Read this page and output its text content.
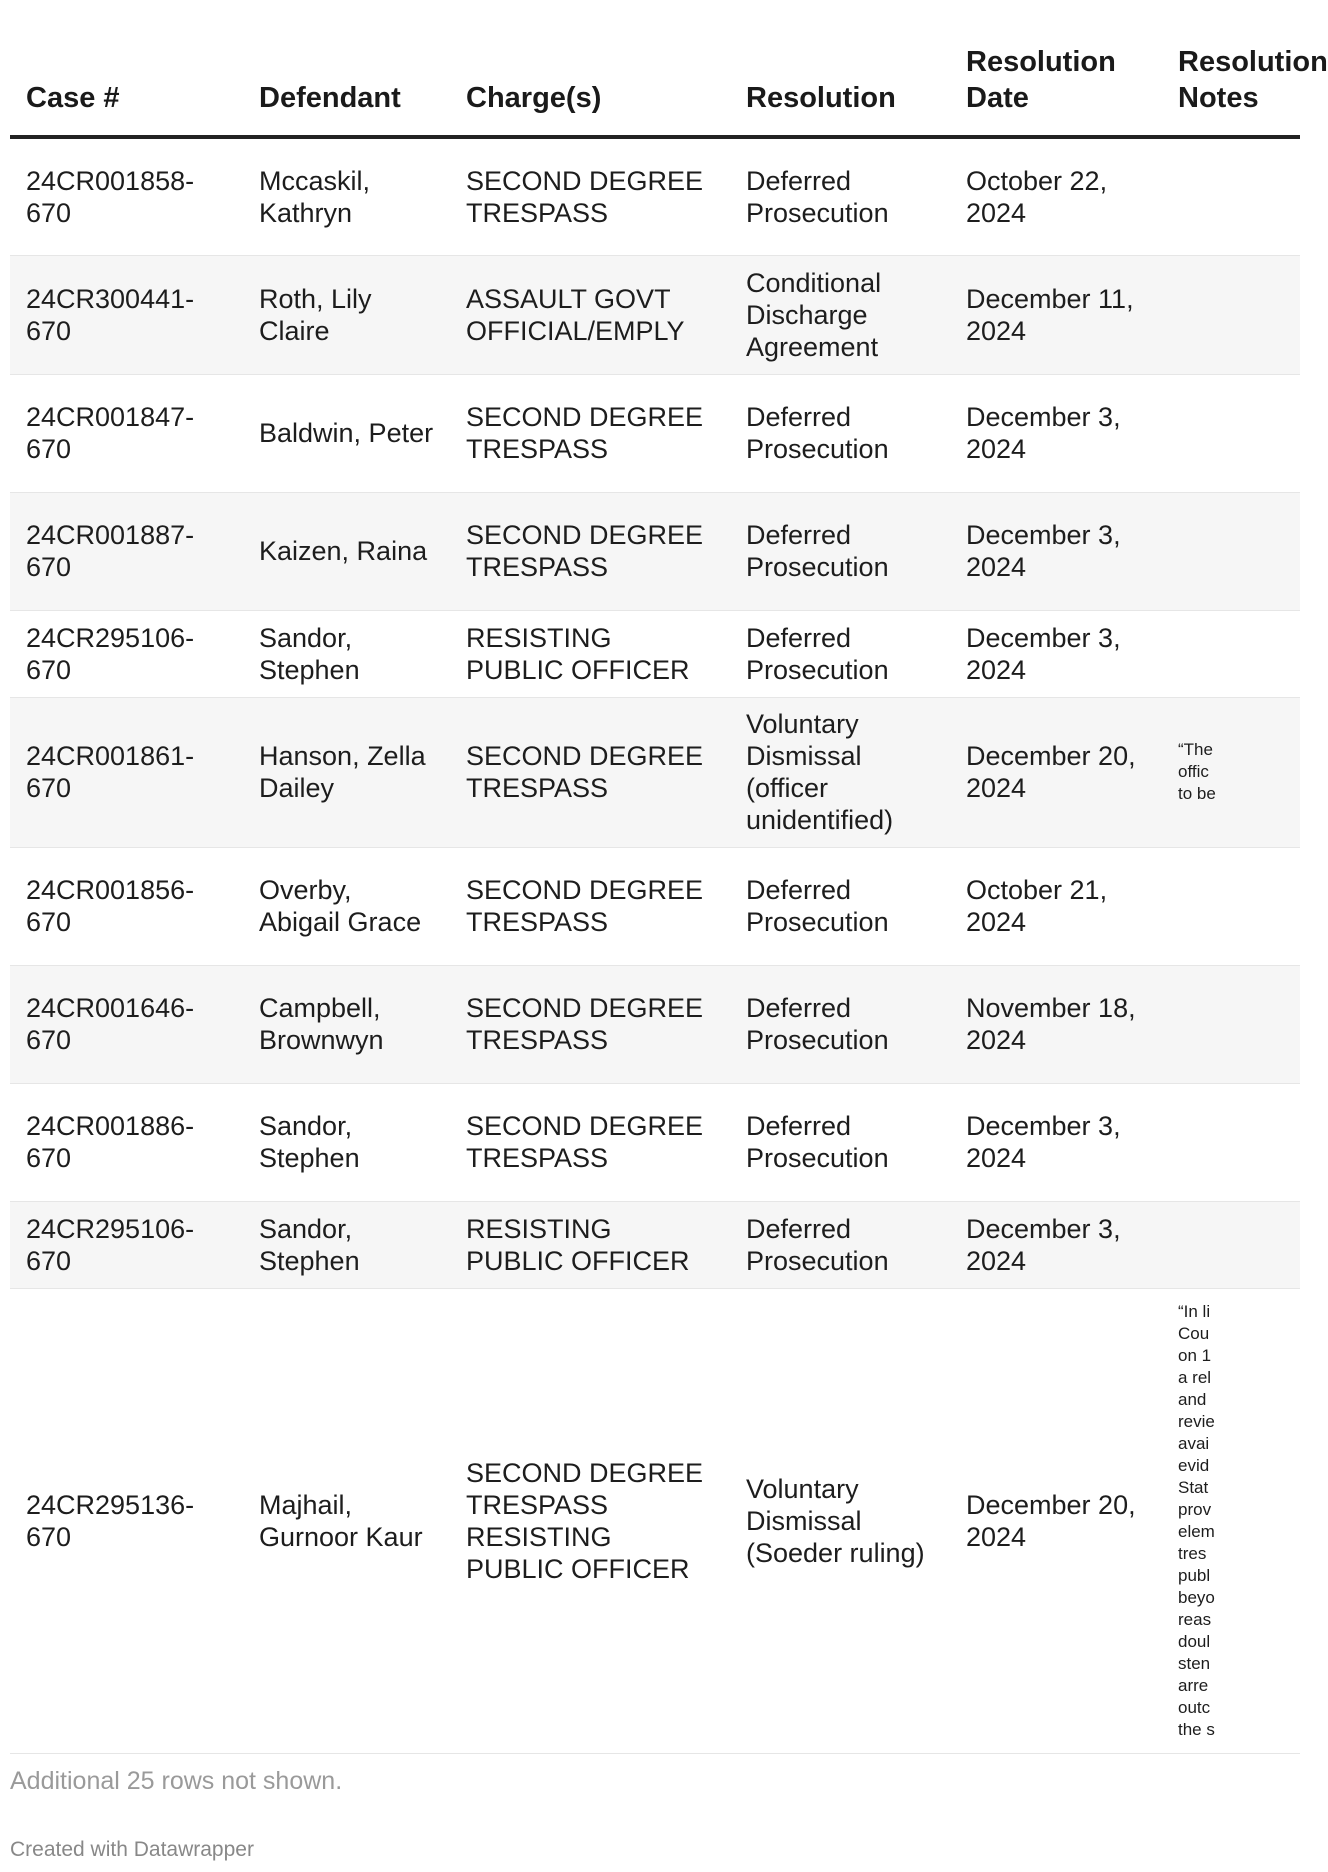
Case #	Defendant	Charge(s)	Resolution	Resolution Date	Resolution Notes

24CR001858-670	Mccaskil, Kathryn	SECOND DEGREE TRESPASS	Deferred Prosecution	October 22, 2024	
24CR300441-670	Roth, Lily Claire	ASSAULT GOVT OFFICIAL/EMPLY	Conditional Discharge Agreement	December 11, 2024	
24CR001847-670	Baldwin, Peter	SECOND DEGREE TRESPASS	Deferred Prosecution	December 3, 2024	
24CR001887-670	Kaizen, Raina	SECOND DEGREE TRESPASS	Deferred Prosecution	December 3, 2024	
24CR295106-670	Sandor, Stephen	RESISTING PUBLIC OFFICER	Deferred Prosecution	December 3, 2024	
24CR001861-670	Hanson, Zella Dailey	SECOND DEGREE TRESPASS	Voluntary Dismissal (officer unidentified)	December 20, 2024	“The offic to be

24CR001856-670	Overby, Abigail Grace	SECOND DEGREE TRESPASS	Deferred Prosecution	October 21, 2024	
24CR001646-670	Campbell, Brownwyn	SECOND DEGREE TRESPASS	Deferred Prosecution	November 18, 2024	
24CR001886-670	Sandor, Stephen	SECOND DEGREE TRESPASS	Deferred Prosecution	December 3, 2024	
24CR295106-670	Sandor, Stephen	RESISTING PUBLIC OFFICER	Deferred Prosecution	December 3, 2024	
24CR295136-670	Majhail, Gurnoor Kaur	SECOND DEGREE TRESPASS RESISTING PUBLIC OFFICER	Voluntary Dismissal (Soeder ruling)	December 20, 2024	“In li Cou on 1 a rel and revie avai evid Stat prov elem tres publ beyo reas doul sten arre outc the s
Additional 25 rows not shown.
Created with Datawrapper
